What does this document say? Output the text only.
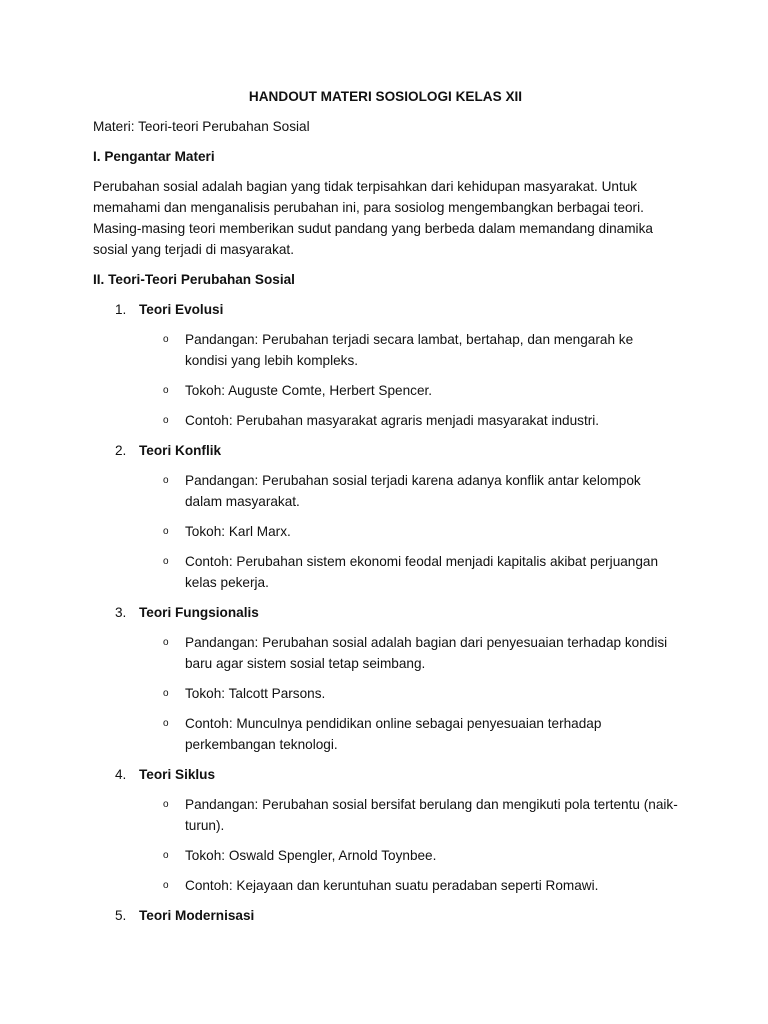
HANDOUT MATERI SOSIOLOGI KELAS XII
Materi: Teori-teori Perubahan Sosial
I. Pengantar Materi
Perubahan sosial adalah bagian yang tidak terpisahkan dari kehidupan masyarakat. Untuk memahami dan menganalisis perubahan ini, para sosiolog mengembangkan berbagai teori. Masing-masing teori memberikan sudut pandang yang berbeda dalam memandang dinamika sosial yang terjadi di masyarakat.
II. Teori-Teori Perubahan Sosial
1. Teori Evolusi
o Pandangan: Perubahan terjadi secara lambat, bertahap, dan mengarah ke kondisi yang lebih kompleks.
o Tokoh: Auguste Comte, Herbert Spencer.
o Contoh: Perubahan masyarakat agraris menjadi masyarakat industri.
2. Teori Konflik
o Pandangan: Perubahan sosial terjadi karena adanya konflik antar kelompok dalam masyarakat.
o Tokoh: Karl Marx.
o Contoh: Perubahan sistem ekonomi feodal menjadi kapitalis akibat perjuangan kelas pekerja.
3. Teori Fungsionalis
o Pandangan: Perubahan sosial adalah bagian dari penyesuaian terhadap kondisi baru agar sistem sosial tetap seimbang.
o Tokoh: Talcott Parsons.
o Contoh: Munculnya pendidikan online sebagai penyesuaian terhadap perkembangan teknologi.
4. Teori Siklus
o Pandangan: Perubahan sosial bersifat berulang dan mengikuti pola tertentu (naik-turun).
o Tokoh: Oswald Spengler, Arnold Toynbee.
o Contoh: Kejayaan dan keruntuhan suatu peradaban seperti Romawi.
5. Teori Modernisasi
